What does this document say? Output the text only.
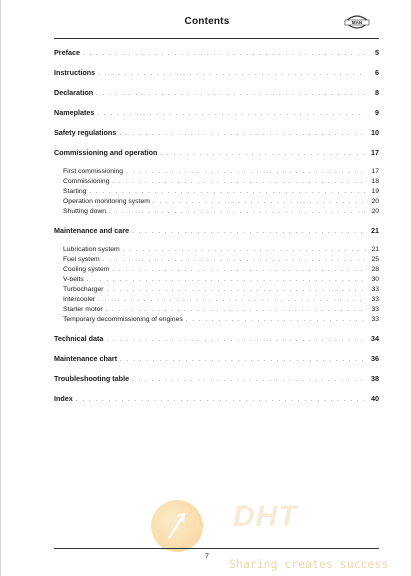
Contents	MAN
Preface . . .	5
Instructions . . .	6
Declaration . . .	8
Nameplates . . .	9
Safety regulations . . .	10
Commissioning and operation . . .	17
First commissioning . . .	17
Commissioning . . .	18
Starting . . .	19
Operation monitoring system . . .	20
Shutting down . . .	20
Maintenance and care . . .	21
Lubrication system . . .	21
Fuel system . . .	25
Cooling system . . .	28
V-belts . . .	30
Turbocharger . . .	33
Intercooler . . .	33
Starter motor . . .	33
Temporary decommissioning of engines . . .	33
Technical data . . .	34
Maintenance chart . . .	36
Troubleshooting table . . .	38
Index . . .	40
DHT
Sharing creates success
7
